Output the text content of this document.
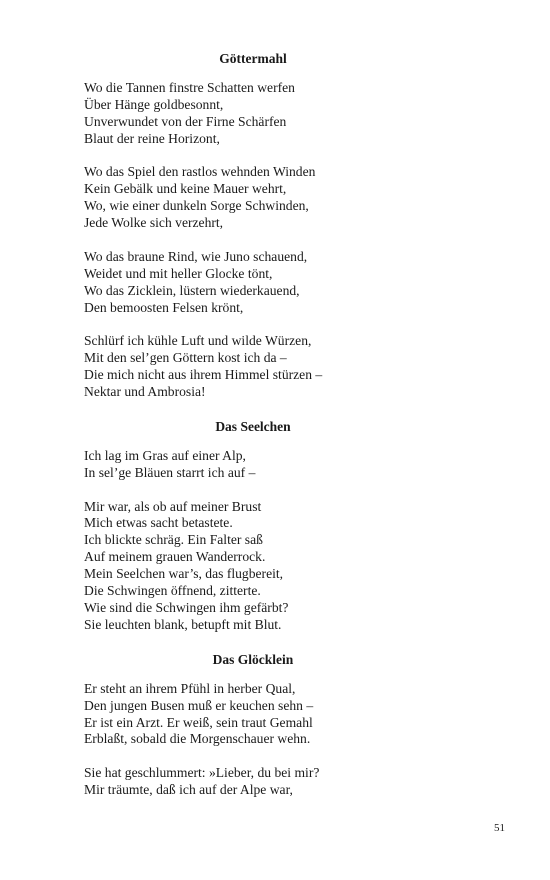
Göttermahl
Wo die Tannen finstre Schatten werfen
Über Hänge goldbesonnt,
Unverwundet von der Firne Schärfen
Blaut der reine Horizont,
Wo das Spiel den rastlos wehnden Winden
Kein Gebälk und keine Mauer wehrt,
Wo, wie einer dunkeln Sorge Schwinden,
Jede Wolke sich verzehrt,
Wo das braune Rind, wie Juno schauend,
Weidet und mit heller Glocke tönt,
Wo das Zicklein, lüstern wiederkauend,
Den bemoosten Felsen krönt,
Schlürf ich kühle Luft und wilde Würzen,
Mit den sel’gen Göttern kost ich da –
Die mich nicht aus ihrem Himmel stürzen –
Nektar und Ambrosia!
Das Seelchen
Ich lag im Gras auf einer Alp,
In sel’ge Bläuen starrt ich auf –
Mir war, als ob auf meiner Brust
Mich etwas sacht betastete.
Ich blickte schräg. Ein Falter saß
Auf meinem grauen Wanderrock.
Mein Seelchen war’s, das flugbereit,
Die Schwingen öffnend, zitterte.
Wie sind die Schwingen ihm gefärbt?
Sie leuchten blank, betupft mit Blut.
Das Glöcklein
Er steht an ihrem Pfühl in herber Qual,
Den jungen Busen muß er keuchen sehn –
Er ist ein Arzt. Er weiß, sein traut Gemahl
Erblaßt, sobald die Morgenschauer wehn.
Sie hat geschlummert: »Lieber, du bei mir?
Mir träumte, daß ich auf der Alpe war,
51
